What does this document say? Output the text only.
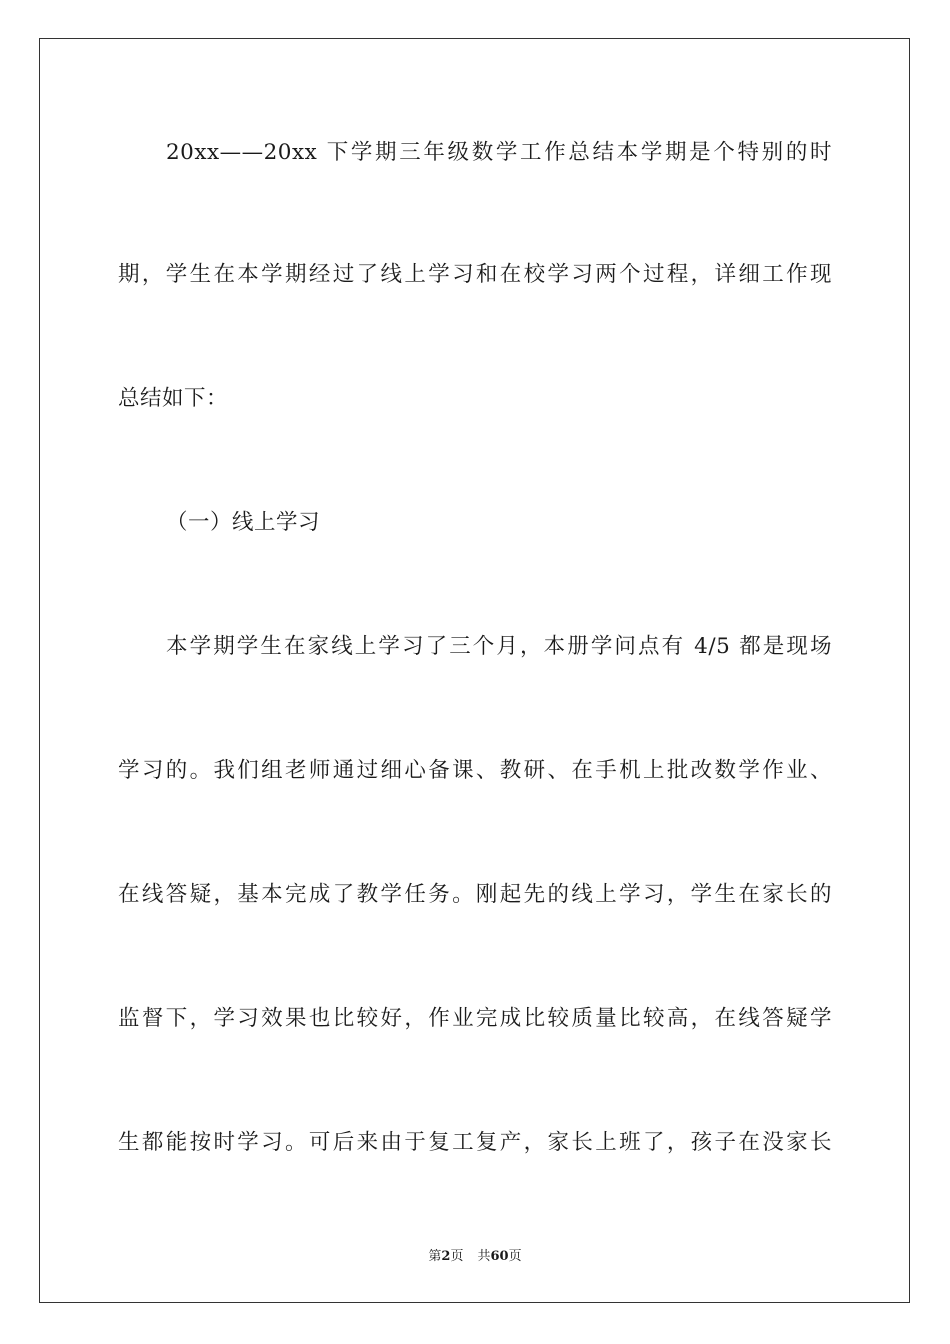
20xx——20xx 下学期三年级数学工作总结本学期是个特别的时
期，学生在本学期经过了线上学习和在校学习两个过程，详细工作现
总结如下：
（一）线上学习
本学期学生在家线上学习了三个月，本册学问点有 4/5 都是现场
学习的。我们组老师通过细心备课、教研、在手机上批改数学作业、
在线答疑，基本完成了教学任务。刚起先的线上学习，学生在家长的
监督下，学习效果也比较好，作业完成比较质量比较高，在线答疑学
生都能按时学习。可后来由于复工复产，家长上班了，孩子在没家长
第2页 共60页
